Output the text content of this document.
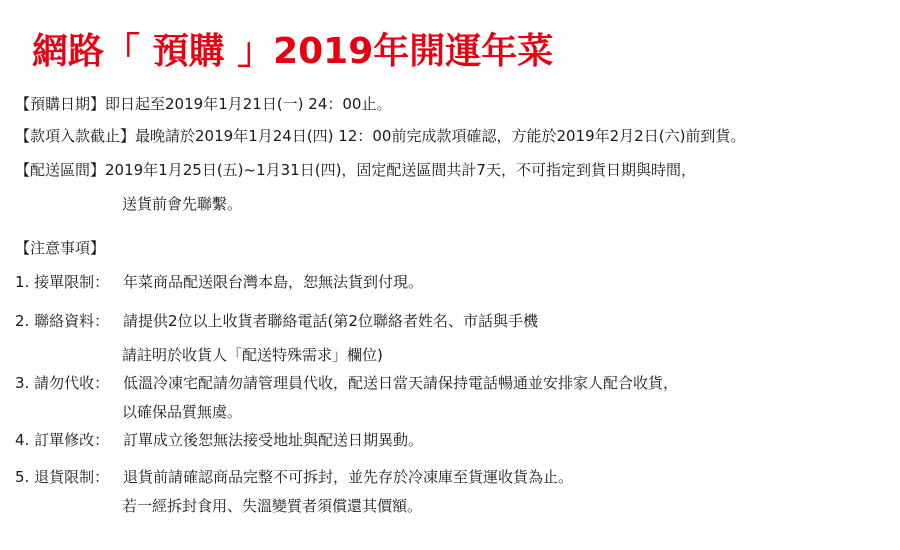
網路「 預購 」2019年開運年菜
【預購日期】即日起至2019年1月21日(一) 24：00止。
【款項入款截止】最晚請於2019年1月24日(四) 12：00前完成款項確認，方能於2019年2月2日(六)前到貨。
【配送區間】2019年1月25日(五)~1月31日(四)，固定配送區間共計7天，不可指定到貨日期與時間，
送貨前會先聯繫。
【注意事項】
1. 接單限制： 年菜商品配送限台灣本島，恕無法貨到付現。
2. 聯絡資料： 請提供2位以上收貨者聯絡電話(第2位聯絡者姓名、市話與手機
請註明於收貨人「配送特殊需求」欄位)
3. 請勿代收： 低溫冷凍宅配請勿請管理員代收，配送日當天請保持電話暢通並安排家人配合收貨，
以確保品質無虞。
4. 訂單修改： 訂單成立後恕無法接受地址與配送日期異動。
5. 退貨限制： 退貨前請確認商品完整不可拆封，並先存於冷凍庫至貨運收貨為止。
若一經拆封食用、失溫變質者須償還其價額。
